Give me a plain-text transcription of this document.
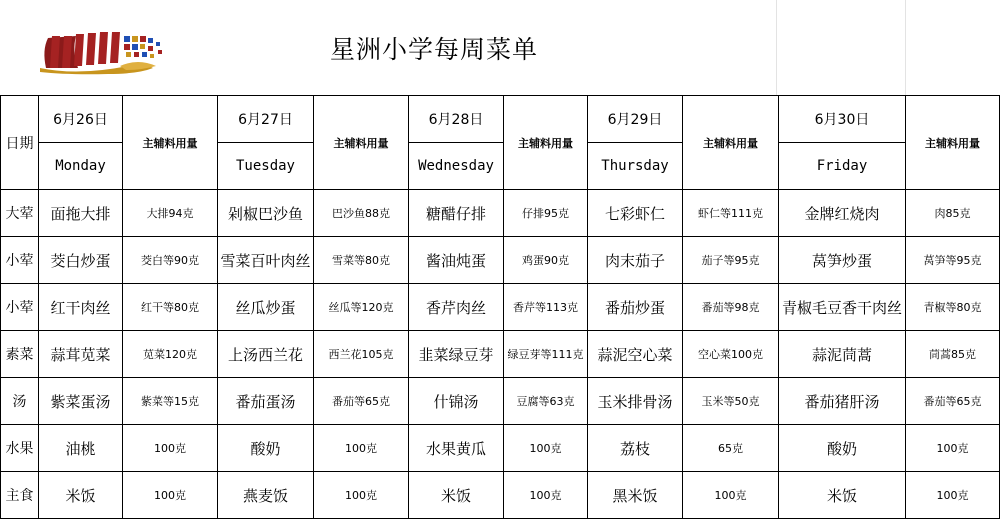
星洲小学每周菜单
日期	6月26日	主辅料用量	6月27日	主辅料用量	6月28日	主辅料用量	6月29日	主辅料用量	6月30日	主辅料用量
	Monday		Tuesday		Wednesday		Thursday		Friday	
大荤	面拖大排	大排94克	剁椒巴沙鱼	巴沙鱼88克	糖醋仔排	仔排95克	七彩虾仁	虾仁等111克	金牌红烧肉	肉85克
小荤	茭白炒蛋	茭白等90克	雪菜百叶肉丝	雪菜等80克	酱油炖蛋	鸡蛋90克	肉末茄子	茄子等95克	莴笋炒蛋	莴笋等95克
小荤	红干肉丝	红干等80克	丝瓜炒蛋	丝瓜等120克	香芹肉丝	香芹等113克	番茄炒蛋	番茄等98克	青椒毛豆香干肉丝	青椒等80克
素菜	蒜茸苋菜	苋菜120克	上汤西兰花	西兰花105克	韭菜绿豆芽	绿豆芽等111克	蒜泥空心菜	空心菜100克	蒜泥茼蒿	茼蒿85克
汤	紫菜蛋汤	紫菜等15克	番茄蛋汤	番茄等65克	什锦汤	豆腐等63克	玉米排骨汤	玉米等50克	番茄猪肝汤	番茄等65克
水果	油桃	100克	酸奶	100克	水果黄瓜	100克	荔枝	65克	酸奶	100克
主食	米饭	100克	燕麦饭	100克	米饭	100克	黑米饭	100克	米饭	100克
